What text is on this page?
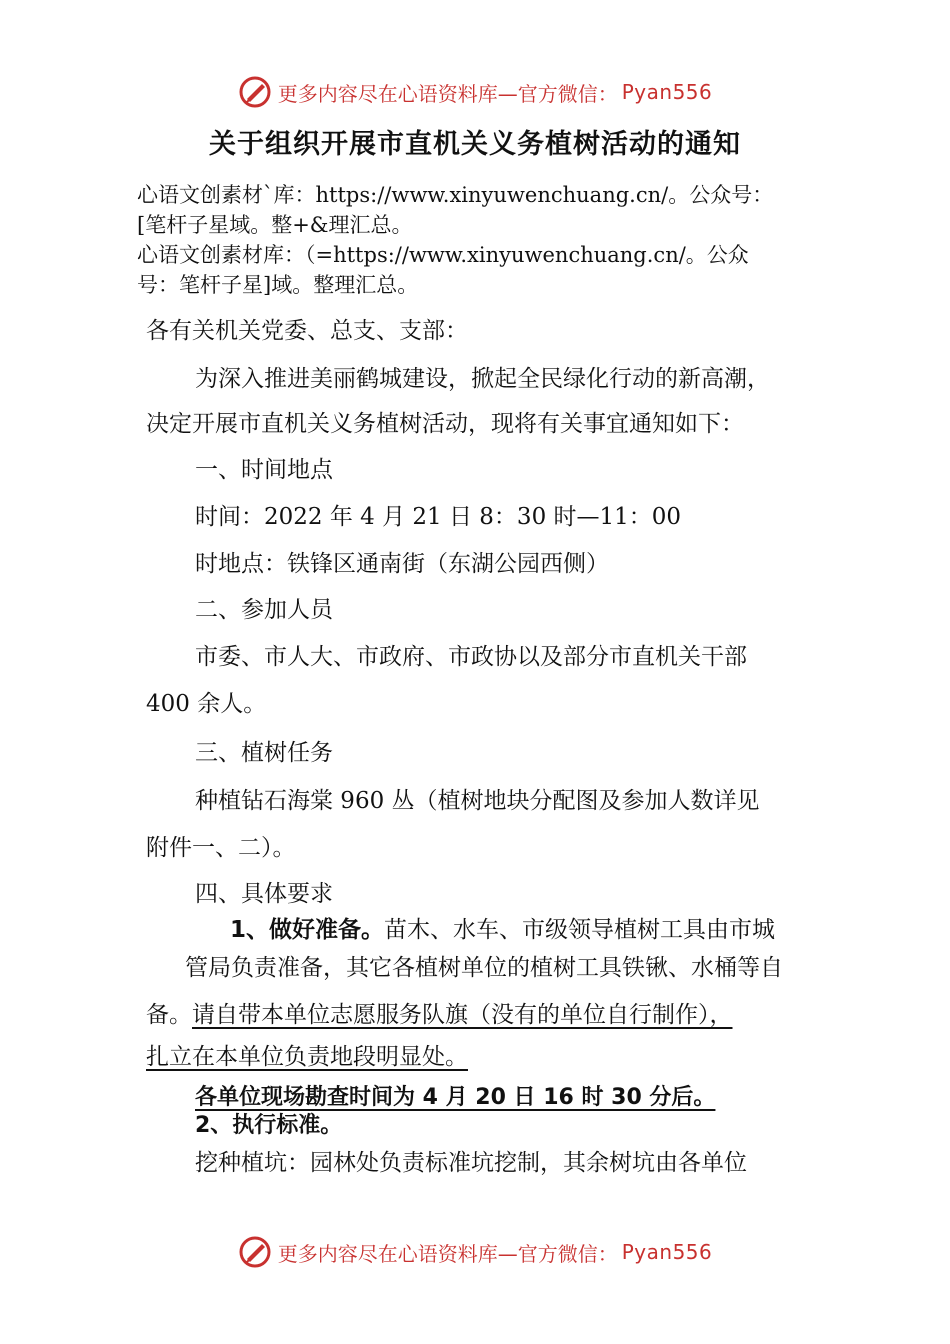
更多内容尽在心语资料库—官方微信： Pyan556
关于组织开展市直机关义务植树活动的通知
心语文创素材`库：https://www.xinyuwenchuang.cn/。公众号：
[笔杆子星域。整+&理汇总。
心语文创素材库：（=https://www.xinyuwenchuang.cn/。公众
号：笔杆子星]域。整理汇总。
各有关机关党委、总支、支部：
为深入推进美丽鹤城建设，掀起全民绿化行动的新高潮，
决定开展市直机关义务植树活动，现将有关事宜通知如下：
一、时间地点
时间：2022 年 4 月 21 日 8：30 时—11：00
时地点：铁锋区通南街（东湖公园西侧）
二、参加人员
市委、市人大、市政府、市政协以及部分市直机关干部
400 余人。
三、植树任务
种植钻石海棠 960 丛（植树地块分配图及参加人数详见
附件一、二）。
四、具体要求
1、做好准备。苗木、水车、市级领导植树工具由市城
管局负责准备，其它各植树单位的植树工具铁锹、水桶等自
备。请自带本单位志愿服务队旗（没有的单位自行制作），
扎立在本单位负责地段明显处。
各单位现场勘查时间为 4 月 20 日 16 时 30 分后。
2、执行标准。
挖种植坑：园林处负责标准坑挖制，其余树坑由各单位
更多内容尽在心语资料库—官方微信： Pyan556
